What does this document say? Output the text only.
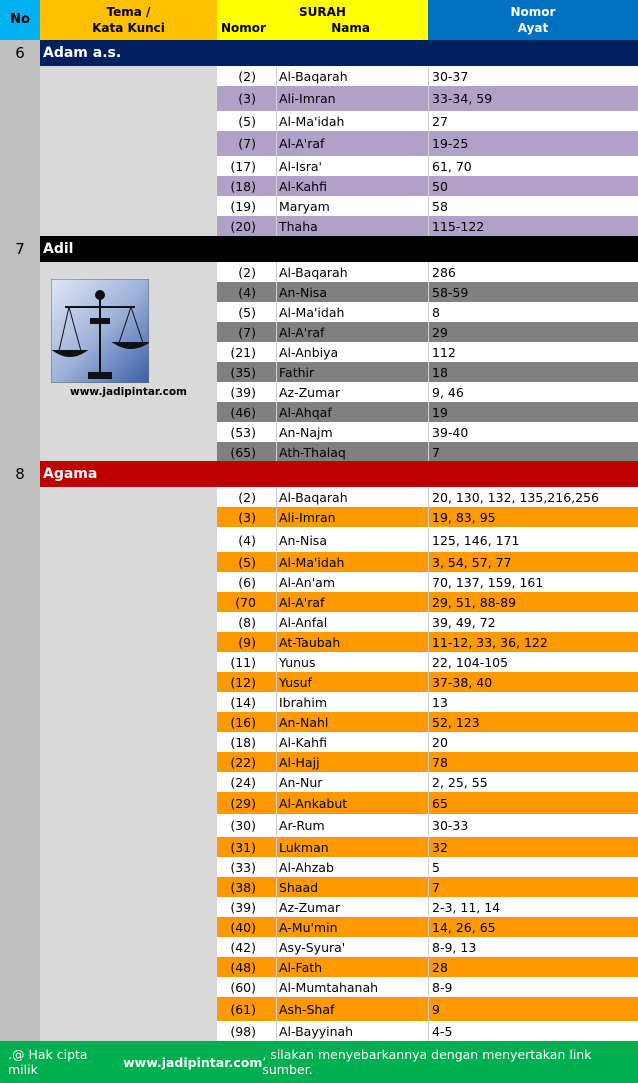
No	Tema /
Kata Kunci
SURAH
Nomor	Nama
Nomor
Ayat
6	Adam a.s.
(2)	Al-Baqarah	30-37
(3)	Ali-Imran	33-34, 59
(5)	Al-Ma'idah	27
(7)	Al-A'raf	19-25
(17)	Al-Isra'	61, 70
(18)	Al-Kahfi	50
(19)	Maryam	58
(20)	Thaha	115-122
7	Adil
(2)	Al-Baqarah	286
(4)	An-Nisa	58-59
(5)	Al-Ma'idah	8
(7)	Al-A'raf	29
(21)	Al-Anbiya	112
(35)	Fathir	18
(39)	Az-Zumar	9, 46
(46)	Al-Ahqaf	19
(53)	An-Najm	39-40
(65)	Ath-Thalaq	7
8	Agama
(2)	Al-Baqarah	20, 130, 132, 135,216,256
(3)	Ali-Imran	19, 83, 95
(4)	An-Nisa	125, 146, 171
(5)	Al-Ma'idah	3, 54, 57, 77
(6)	Al-An'am	70, 137, 159, 161
(70	Al-A'raf	29, 51, 88-89
(8)	Al-Anfal	39, 49, 72
(9)	At-Taubah	11-12, 33, 36, 122
(11)	Yunus	22, 104-105
(12)	Yusuf	37-38, 40
(14)	Ibrahim	13
(16)	An-Nahl	52, 123
(18)	Al-Kahfi	20
(22)	Al-Hajj	78
(24)	An-Nur	2, 25, 55
(29)	Al-Ankabut	65
(30)	Ar-Rum	30-33
(31)	Lukman	32
(33)	Al-Ahzab	5
(38)	Shaad	7
(39)	Az-Zumar	2-3, 11, 14
(40)	A-Mu'min	14, 26, 65
(42)	Asy-Syura'	8-9, 13
(48)	Al-Fath	28
(60)	Al-Mumtahanah	8-9
(61)	Ash-Shaf	9
(98)	Al-Bayyinah	4-5
www.jadipintar.com
.@ Hak cipta milik
	www.jadipintar.com , silakan menyebarkannya dengan menyertakan link sumber.
